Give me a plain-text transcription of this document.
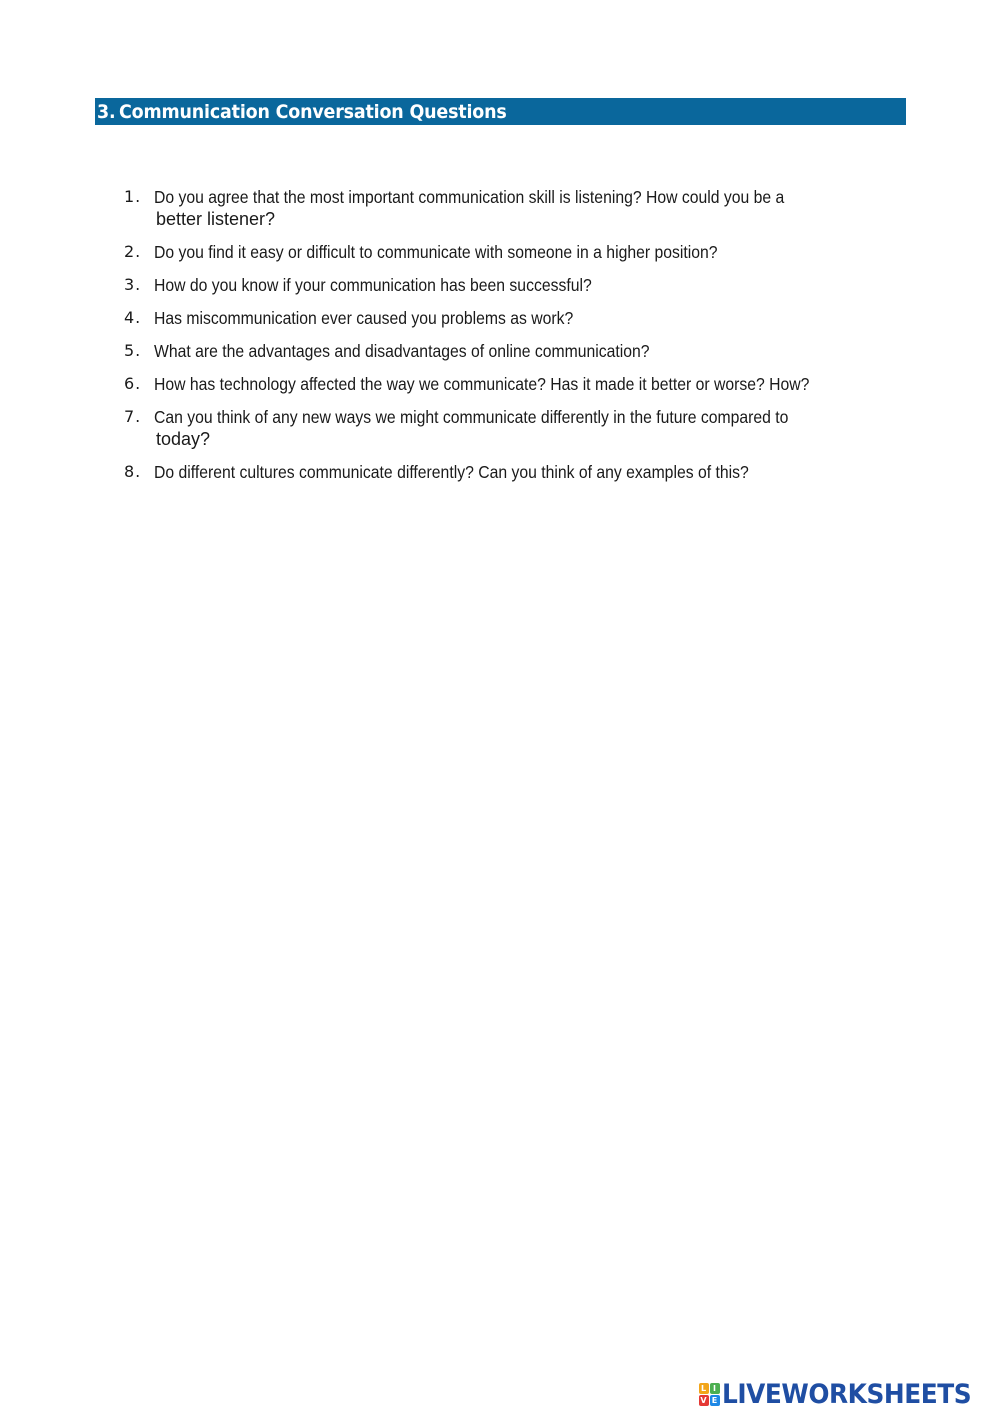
3. Communication Conversation Questions
1. Do you agree that the most important communication skill is listening? How could you be a
better listener?
2. Do you find it easy or difficult to communicate with someone in a higher position?
3. How do you know if your communication has been successful?
4. Has miscommunication ever caused you problems as work?
5. What are the advantages and disadvantages of online communication?
6. How has technology affected the way we communicate? Has it made it better or worse? How?
7. Can you think of any new ways we might communicate differently in the future compared to
today?
8. Do different cultures communicate differently? Can you think of any examples of this?
L I
V E LIVEWORKSHEETS
